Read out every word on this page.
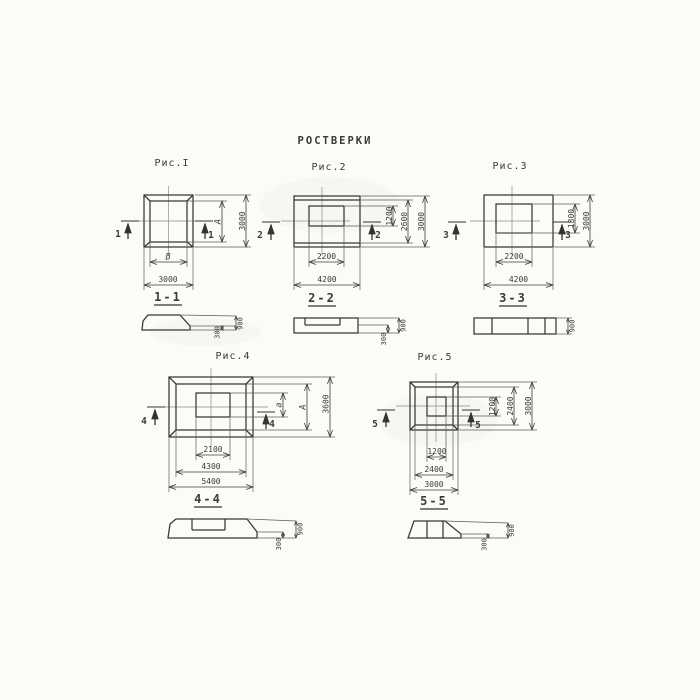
РОСТВЕРКИ
Рис.I
A 3000
B
3000
1	1
1-1
300
900
Рис.2
1200 2600 3000
2200
4200
2	2
2-2
300
900
Рис.3
1800 3000
2200
4200
3	3
3-3
900
Рис.4
a A 3600
2100
4300
5400
4	4
4-4
300
900
Рис.5
1200 2400 3000
1200
2400
3000
5	5
5-5
300
900
